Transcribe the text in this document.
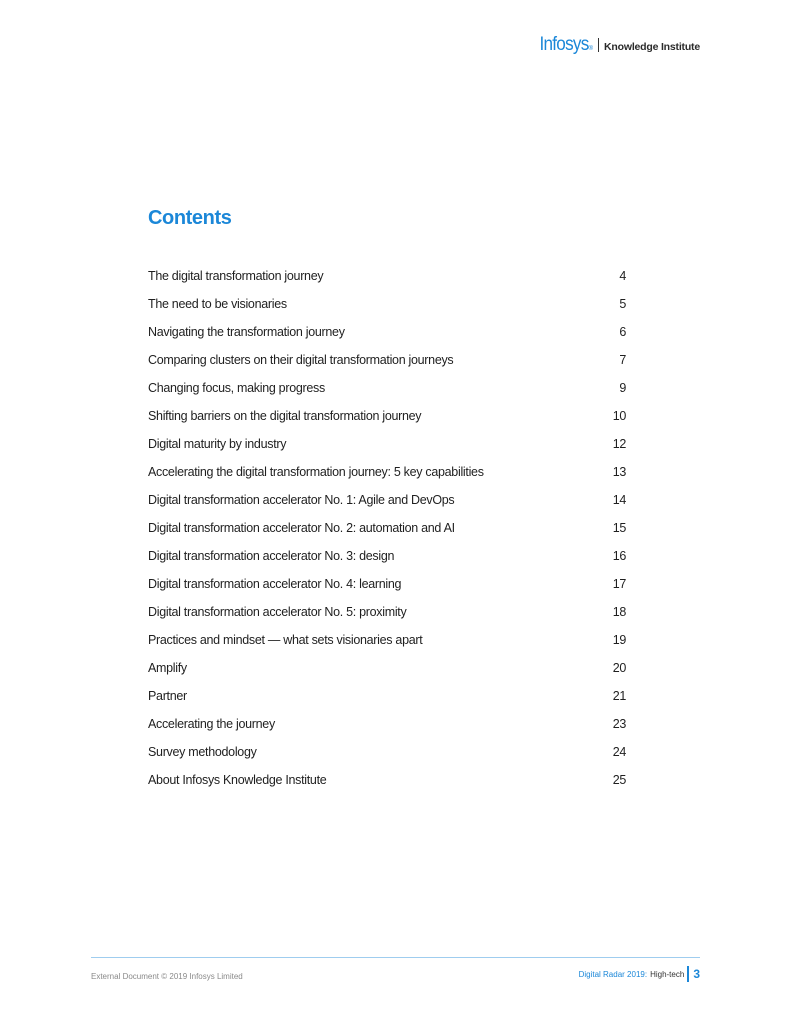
Infosys ® Knowledge Institute
Contents
The digital transformation journey	4
The need to be visionaries	5
Navigating the transformation journey	6
Comparing clusters on their digital transformation journeys	7
Changing focus, making progress	9
Shifting barriers on the digital transformation journey	10
Digital maturity by industry	12
Accelerating the digital transformation journey: 5 key capabilities	13
Digital transformation accelerator No. 1: Agile and DevOps	14
Digital transformation accelerator No. 2: automation and AI	15
Digital transformation accelerator No. 3: design	16
Digital transformation accelerator No. 4: learning	17
Digital transformation accelerator No. 5: proximity	18
Practices and mindset — what sets visionaries apart	19
Amplify	20
Partner	21
Accelerating the journey	23
Survey methodology	24
About Infosys Knowledge Institute	25
External Document © 2019 Infosys Limited	Digital Radar 2019: High-tech 3
